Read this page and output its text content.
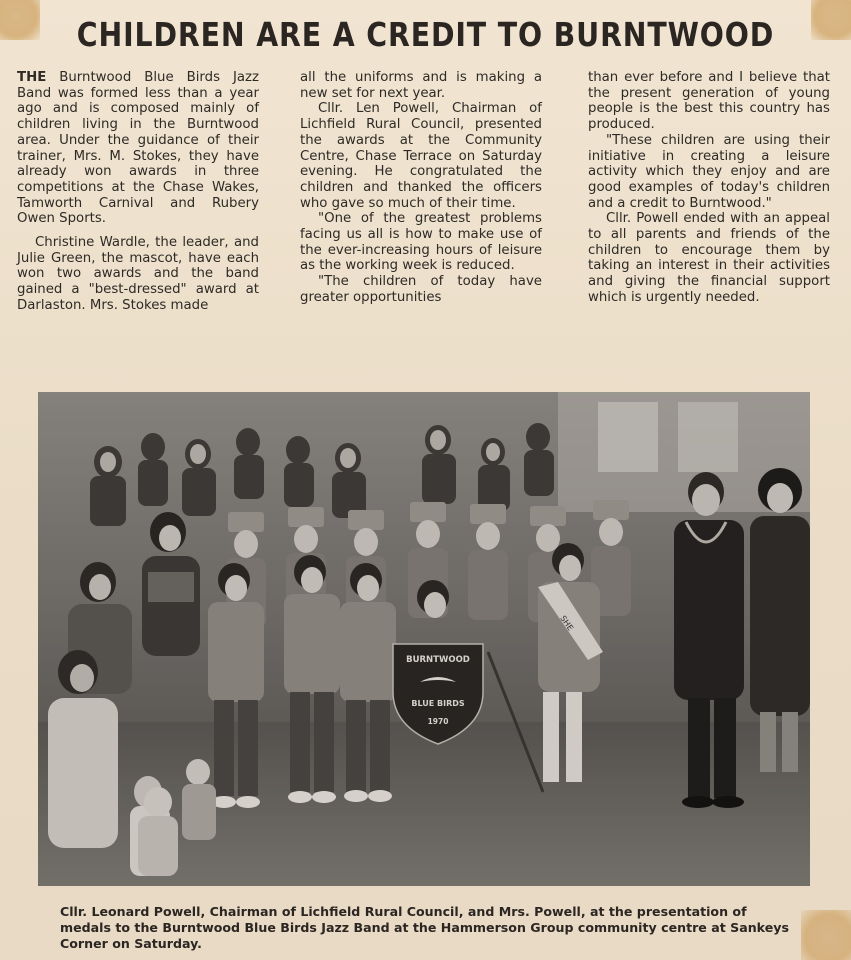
CHILDREN ARE A CREDIT TO BURNTWOOD

THE Burntwood Blue Birds Jazz Band was formed less than a year ago and is composed mainly of children living in the Burntwood area. Under the guidance of their trainer, Mrs. M. Stokes, they have already won awards in three competitions at the Chase Wakes, Tamworth Carnival and Rubery Owen Sports.

Christine Wardle, the leader, and Julie Green, the mascot, have each won two awards and the band gained a "best-dressed" award at Darlaston. Mrs. Stokes made

all the uniforms and is making a new set for next year.

Cllr. Len Powell, Chairman of Lichfield Rural Council, presented the awards at the Community Centre, Chase Terrace on Saturday evening. He congratulated the children and thanked the officers who gave so much of their time.

"One of the greatest problems facing us all is how to make use of the ever-increasing hours of leisure as the working week is reduced.

"The children of today have greater opportunities

than ever before and I believe that the present generation of young people is the best this country has produced.

"These children are using their initiative in creating a leisure activity which they enjoy and are good examples of today's children and a credit to Burntwood."

Cllr. Powell ended with an appeal to all parents and friends of the children to encourage them by taking an interest in their activities and giving the financial support which is urgently needed.

SHE
BURNTWOOD
BLUE BIRDS
1970
Cllr. Leonard Powell, Chairman of Lichfield Rural Council, and Mrs. Powell, at the presentation of medals to the Burntwood Blue Birds Jazz Band at the Hammerson Group community centre at Sankeys Corner on Saturday.
